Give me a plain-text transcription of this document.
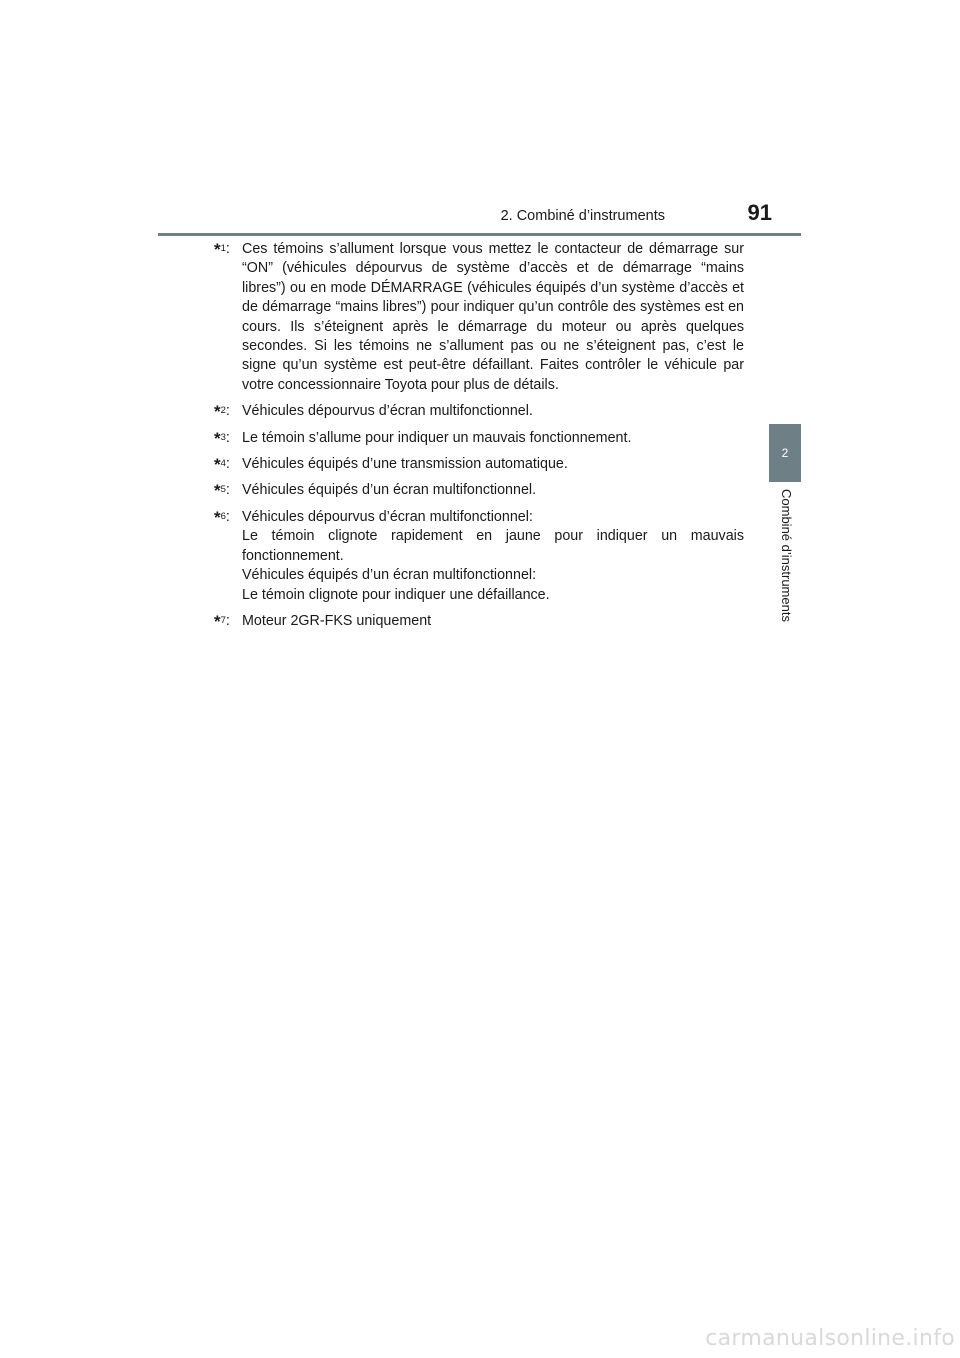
2. Combiné d’instruments	91
2
Combiné d’instruments
*$^1$: Ces témoins s’allument lorsque vous mettez le contacteur de démarrage sur “ON” (véhicules dépourvus de système d’accès et de démarrage “mains libres”) ou en mode DÉMARRAGE (véhicules équipés d’un système d’accès et de démarrage “mains libres”) pour indiquer qu’un contrôle des systèmes est en cours. Ils s’éteignent après le démarrage du moteur ou après quelques secondes. Si les témoins ne s’allument pas ou ne s’éteignent pas, c’est le signe qu’un système est peut-être défaillant. Faites contrôler le véhicule par votre concessionnaire Toyota pour plus de détails.
*$^2$: Véhicules dépourvus d’écran multifonctionnel.
*$^3$: Le témoin s’allume pour indiquer un mauvais fonctionnement.
*$^4$: Véhicules équipés d’une transmission automatique.
*$^5$: Véhicules équipés d’un écran multifonctionnel.
*$^6$: Véhicules dépourvus d’écran multifonctionnel:
Le témoin clignote rapidement en jaune pour indiquer un mauvais fonctionnement.
Véhicules équipés d’un écran multifonctionnel:
Le témoin clignote pour indiquer une défaillance.
*$^7$: Moteur 2GR-FKS uniquement
carmanualsonline.info
